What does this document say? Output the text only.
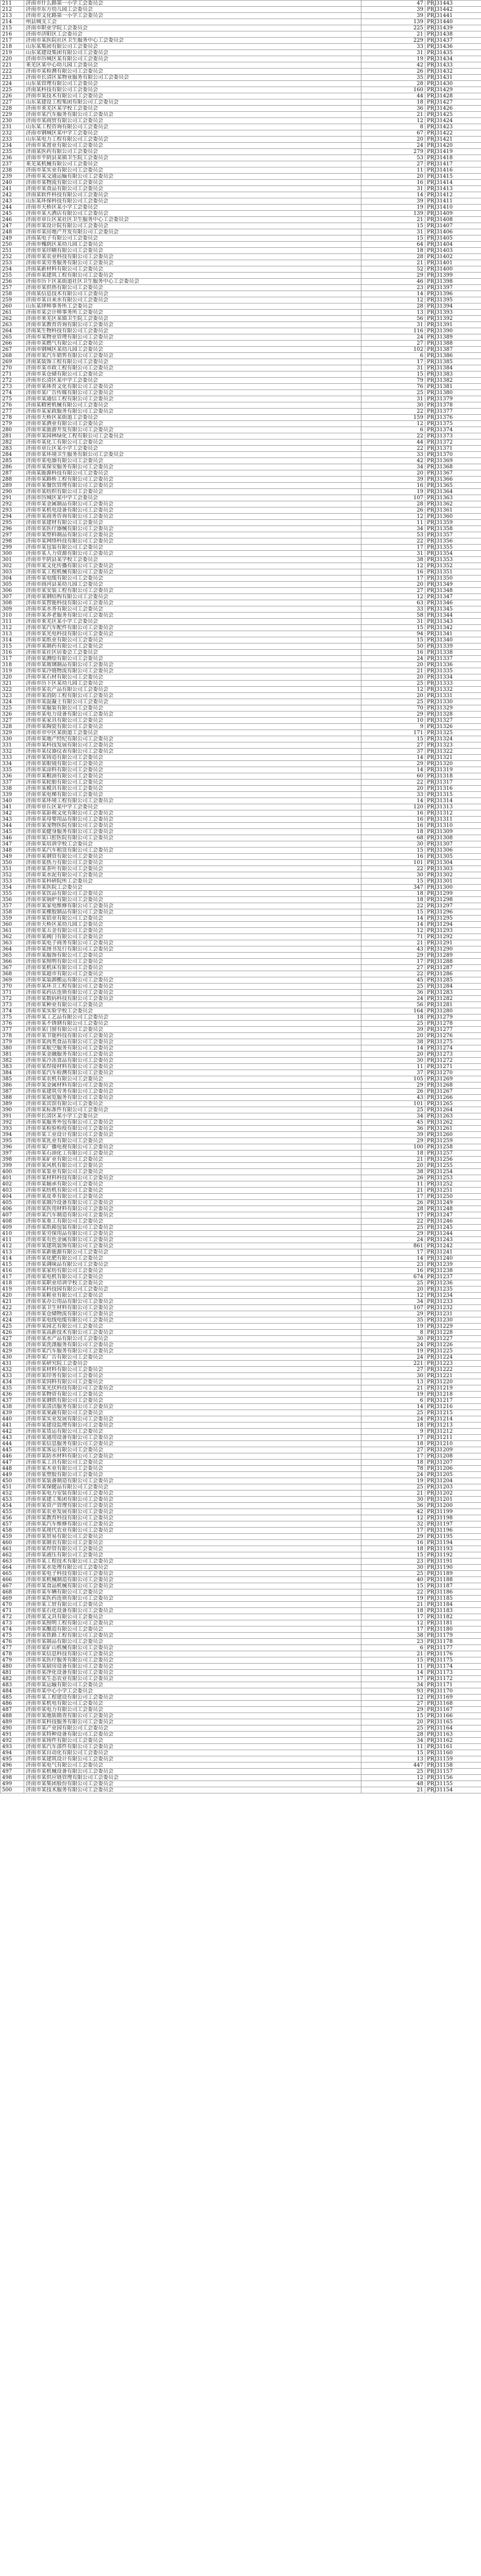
211	济南市什么路第一小学工会委员会	47	PRJ31443
212	济南市东方幼儿园工会委员会	39	PRJ31442
213	济南市文化路第一小学工会委员会	39	PRJ31441
214	州县城支工会	139	PRJ31440
215	济南市职业学院工会委员会	225	PRJ31439
216	济南市济阳区工会委员会	21	PRJ31438
217	济南市某医院社区卫生服务中心工会委员会	229	PRJ31437
218	山东某集团有限公司工会委员会	33	PRJ31436
219	山东某建设集团有限公司工会委员会	31	PRJ31435
220	济南市历城区某有限公司工会委员会	19	PRJ31434
221	莱芜区某中心幼儿园工会委员会	42	PRJ31433
222	济南市某检测有限公司工会委员会	26	PRJ31432
223	济南市长清区某物业服务有限公司工会委员会	35	PRJ31431
224	山东某管理有限公司工会委员会	28	PRJ31430
225	济南某科技有限公司工会委员会	160	PRJ31429
226	济南市某技术有限公司工会委员会	44	PRJ31428
227	山东某建设工程集团有限公司工会委员会	18	PRJ31427
228	济南市莱芜区某学校工会委员会	36	PRJ31426
229	济南市某汽车服务有限公司工会委员会	21	PRJ31425
230	济南市某商贸有限公司工会委员会	12	PRJ31424
231	山东某工程咨询有限公司工会委员会	8	PRJ31423
232	济南市钢城区某中学工会委员会	67	PRJ31422
233	山东某电力工程有限公司工会委员会	20	PRJ31421
234	济南市某置业有限公司工会委员会	24	PRJ31420
235	济南某医药有限公司工会委员会	279	PRJ31419
236	济南市平阴县某镇卫生院工会委员会	53	PRJ31418
237	莱芜某机械有限公司工会委员会	27	PRJ31417
238	济南市某实业有限公司工会委员会	11	PRJ31416
239	济南市某交通运输有限公司工会委员会	20	PRJ31415
240	济南市某物流有限公司工会委员会	16	PRJ31414
241	济南市某食品有限公司工会委员会	31	PRJ31413
242	济南某软件科技有限公司工会委员会	14	PRJ31412
243	山东某环保科技有限公司工会委员会	39	PRJ31411
244	济南市天桥区某小学工会委员会	19	PRJ31410
245	济南市某大酒店有限公司工会委员会	139	PRJ31409
246	济南市章丘区某社区卫生服务中心工会委员会	21	PRJ31408
247	济南市某设计院有限公司工会委员会	15	PRJ31407
248	济南市某房地产开发有限公司工会委员会	31	PRJ31406
249	济南某电子有限公司工会委员会	15	PRJ31405
250	济南市槐荫区某幼儿园工会委员会	64	PRJ31404
251	济南市某印刷有限公司工会委员会	18	PRJ31403
252	济南市某农业科技有限公司工会委员会	28	PRJ31402
253	济南市某劳务服务有限公司工会委员会	21	PRJ31401
254	济南某新材料有限公司工会委员会	52	PRJ31400
255	济南市某建筑工程有限公司工会委员会	29	PRJ31399
256	济南市历下区某街道社区卫生服务中心工会委员会	46	PRJ31398
257	济南市某供热有限公司工会委员会	23	PRJ31397
258	济南某信息技术有限公司工会委员会	14	PRJ31396
259	济南市某自来水有限公司工会委员会	12	PRJ31395
260	山东某律师事务所工会委员会	28	PRJ31394
261	济南市某会计师事务所工会委员会	13	PRJ31393
262	济南市莱芜区某镇卫生院工会委员会	56	PRJ31392
263	济南市某教育咨询有限公司工会委员会	31	PRJ31391
264	济南某生物科技有限公司工会委员会	116	PRJ31390
265	济南市某物业管理有限公司工会委员会	24	PRJ31389
266	济南市某燃气有限公司工会委员会	27	PRJ31388
267	济南市钢城区某幼儿园工会委员会	102	PRJ31387
268	济南市某汽车销售有限公司工会委员会	6	PRJ31386
269	济南某装饰工程有限公司工会委员会	17	PRJ31385
270	济南市某市政工程有限公司工会委员会	31	PRJ31384
271	济南市某仓储有限公司工会委员会	15	PRJ31383
272	济南市长清区某中学工会委员会	79	PRJ31382
273	济南市某体育文化有限公司工会委员会	76	PRJ31381
274	济南市某广告传媒有限公司工会委员会	25	PRJ31380
275	济南市某通信工程有限公司工会委员会	31	PRJ31379
276	济南某精密机械有限公司工会委员会	30	PRJ31378
277	济南市某家政服务有限公司工会委员会	22	PRJ31377
278	济南市天桥区某街道工会委员会	159	PRJ31376
279	济南市某酒业有限公司工会委员会	12	PRJ31375
280	济南市某旅游开发有限公司工会委员会	6	PRJ31374
281	济南市某园林绿化工程有限公司工会委员会	22	PRJ31373
282	济南市某化工有限公司工会委员会	44	PRJ31372
283	济南市章丘区某小学工会委员会	22	PRJ31371
284	济南市某环境卫生服务有限公司工会委员会	33	PRJ31370
285	济南市某电器有限公司工会委员会	42	PRJ31369
286	济南市某保安服务有限公司工会委员会	34	PRJ31368
287	济南某能源科技有限公司工会委员会	20	PRJ31367
288	济南市某路桥工程有限公司工会委员会	39	PRJ31366
289	济南市某餐饮管理有限公司工会委员会	16	PRJ31365
290	济南市某纺织有限公司工会委员会	19	PRJ31364
291	济南市历城区某中学工会委员会	107	PRJ31363
292	济南市某金属制品有限公司工会委员会	28	PRJ31362
293	济南市某机电设备有限公司工会委员会	26	PRJ31361
294	济南市某商务咨询有限公司工会委员会	12	PRJ31360
295	济南市某建材有限公司工会委员会	11	PRJ31359
296	济南市某医疗器械有限公司工会委员会	34	PRJ31358
297	济南市某塑料制品有限公司工会委员会	53	PRJ31357
298	济南市某网络科技有限公司工会委员会	22	PRJ31356
299	济南市某包装有限公司工会委员会	17	PRJ31355
300	济南市某人力资源有限公司工会委员会	31	PRJ31354
301	济南市平阴县某学校工会委员会	38	PRJ31353
302	济南市某文化传播有限公司工会委员会	12	PRJ31352
303	济南市某工程机械有限公司工会委员会	16	PRJ31351
304	济南市某电缆有限公司工会委员会	17	PRJ31350
305	济南市商河县某幼儿园工会委员会	20	PRJ31349
306	济南市某安装工程有限公司工会委员会	27	PRJ31348
307	济南市某钢结构有限公司工会委员会	12	PRJ31347
308	济南市某智能科技有限公司工会委员会	63	PRJ31346
309	济南市某水务有限公司工会委员会	33	PRJ31345
310	济南市某养老服务有限公司工会委员会	58	PRJ31344
311	济南市莱芜区某小学工会委员会	31	PRJ31343
312	济南市某汽车配件有限公司工会委员会	15	PRJ31342
313	济南市某光电科技有限公司工会委员会	94	PRJ31341
314	济南市某纸业有限公司工会委员会	15	PRJ31340
315	济南市某制药有限公司工会委员会	50	PRJ31339
316	济南市某社区居委会工会委员会	16	PRJ31338
317	济南市某测绘有限公司工会委员会	24	PRJ31337
318	济南市某玻璃制品有限公司工会委员会	20	PRJ31336
319	济南市某冷链物流有限公司工会委员会	21	PRJ31335
320	济南市某石材有限公司工会委员会	20	PRJ31334
321	济南市历下区某幼儿园工会委员会	25	PRJ31333
322	济南市某农产品有限公司工会委员会	12	PRJ31332
323	济南市某消防工程有限公司工会委员会	20	PRJ31331
324	济南市某混凝土有限公司工会委员会	25	PRJ31330
325	济南市某服装有限公司工会委员会	70	PRJ31329
326	济南市某电力设备有限公司工会委员会	29	PRJ31328
327	济南市某家具有限公司工会委员会	10	PRJ31327
328	济南市某陶瓷有限公司工会委员会	9	PRJ31326
329	济南市市中区某街道工会委员会	171	PRJ31325
330	济南市某地产经纪有限公司工会委员会	15	PRJ31324
331	济南市某科技发展有限公司工会委员会	27	PRJ31323
332	济南市某仪器仪表有限公司工会委员会	37	PRJ31322
333	济南市某铸造有限公司工会委员会	14	PRJ31321
334	济南市某眼镜有限公司工会委员会	29	PRJ31320
335	济南市某涂料有限公司工会委员会	14	PRJ31319
336	济南市某粮油有限公司工会委员会	60	PRJ31318
337	济南市某轮胎有限公司工会委员会	22	PRJ31317
338	济南市某模具有限公司工会委员会	20	PRJ31316
339	济南市某电梯有限公司工会委员会	33	PRJ31315
340	济南市某环境工程有限公司工会委员会	14	PRJ31314
341	济南市章丘区某中学工会委员会	120	PRJ31313
342	济南市某影视文化有限公司工会委员会	16	PRJ31312
343	济南市某母婴用品有限公司工会委员会	16	PRJ31311
344	济南市某宠物医院有限公司工会委员会	16	PRJ31310
345	济南市某健身服务有限公司工会委员会	18	PRJ31309
346	济南市某口腔医院有限公司工会委员会	68	PRJ31308
347	济南市某培训学校工会委员会	30	PRJ31307
348	济南市某汽车租赁有限公司工会委员会	15	PRJ31306
349	济南市某钢管有限公司工会委员会	16	PRJ31305
350	济南市某热力有限公司工会委员会	101	PRJ31304
351	济南市某茶叶有限公司工会委员会	22	PRJ31303
352	济南市某水泥有限公司工会委员会	30	PRJ31302
353	济南市某科研院所工会委员会	15	PRJ31301
354	济南市某医院工会委员会	347	PRJ31300
355	济南市某饮品有限公司工会委员会	18	PRJ31299
356	济南市某锅炉有限公司工会委员会	18	PRJ31298
357	济南市某家电维修有限公司工会委员会	22	PRJ31297
358	济南市某橡胶制品有限公司工会委员会	15	PRJ31296
359	济南市某铝业有限公司工会委员会	14	PRJ31295
360	济南市天桥区某幼儿园工会委员会	14	PRJ31294
361	济南市某五金有限公司工会委员会	12	PRJ31293
362	济南市某阀门有限公司工会委员会	71	PRJ31292
363	济南市某电子商务有限公司工会委员会	21	PRJ31291
364	济南市某图书发行有限公司工会委员会	43	PRJ31290
365	济南市某服饰有限公司工会委员会	29	PRJ31289
366	济南市某照明有限公司工会委员会	17	PRJ31288
367	济南市某机床有限公司工会委员会	27	PRJ31287
368	济南市某超市有限公司工会委员会	22	PRJ31286
369	济南市某装卸搬运有限公司工会委员会	45	PRJ31285
370	济南市某环卫工程有限公司工会委员会	25	PRJ31284
371	济南市某药店连锁有限公司工会委员会	36	PRJ31283
372	济南市某数码科技有限公司工会委员会	24	PRJ31282
373	济南市某种业有限公司工会委员会	56	PRJ31281
374	济南市某实验学校工会委员会	164	PRJ31280
375	济南市某工艺品有限公司工会委员会	18	PRJ31279
376	济南市某不锈钢有限公司工会委员会	25	PRJ31278
377	济南市某门窗有限公司工会委员会	39	PRJ31277
378	济南市某节能科技有限公司工会委员会	20	PRJ31276
379	济南市某肉类食品有限公司工会委员会	38	PRJ31275
380	济南市某航空服务有限公司工会委员会	14	PRJ31274
381	济南市某金融服务有限公司工会委员会	20	PRJ31273
382	济南市某冷冻食品有限公司工会委员会	30	PRJ31272
383	济南市某焊接材料有限公司工会委员会	11	PRJ31271
384	济南市某汽车检测有限公司工会委员会	37	PRJ31270
385	济南市某农机有限公司工会委员会	105	PRJ31269
386	济南市某金属材料有限公司工会委员会	29	PRJ31268
387	济南市某建筑劳务有限公司工会委员会	26	PRJ31267
388	济南市某展览服务有限公司工会委员会	43	PRJ31266
389	济南市某宾馆有限公司工会委员会	101	PRJ31265
390	济南市某标准件有限公司工会委员会	25	PRJ31264
391	济南市长清区某小学工会委员会	34	PRJ31263
392	济南市某服务外包有限公司工会委员会	45	PRJ31262
393	济南市某检验检疫有限公司工会委员会	36	PRJ31261
394	济南市某工业设计有限公司工会委员会	39	PRJ31260
395	济南市某乳业有限公司工会委员会	29	PRJ31259
396	济南市某广播电视有限公司工会委员会	100	PRJ31258
397	济南市某石油化工有限公司工会委员会	18	PRJ31257
398	济南市某矿业有限公司工会委员会	21	PRJ31256
399	济南市某风机有限公司工会委员会	20	PRJ31255
400	济南市某泵业有限公司工会委员会	38	PRJ31254
401	济南市某材料科技有限公司工会委员会	26	PRJ31253
402	济南市某轴承有限公司工会委员会	11	PRJ31252
403	济南市某纺机有限公司工会委员会	21	PRJ31251
404	济南市某皮革有限公司工会委员会	17	PRJ31250
405	济南市某制冷设备有限公司工会委员会	26	PRJ31249
406	济南市某医用材料有限公司工会委员会	28	PRJ31248
407	济南市某汽车制造有限公司工会委员会	17	PRJ31247
408	济南市某重工有限公司工会委员会	22	PRJ31246
409	济南市某纸箱包装有限公司工会委员会	25	PRJ31245
410	济南市某劳保用品有限公司工会委员会	29	PRJ31244
411	济南市某有色金属有限公司工会委员会	24	PRJ31243
412	济南市某建筑装饰有限公司工会委员会	861	PRJ31242
413	济南市某新能源有限公司工会委员会	17	PRJ31241
414	济南市某化肥有限公司工会委员会	14	PRJ31240
415	济南市某调味品有限公司工会委员会	23	PRJ31239
416	济南市某家纺有限公司工会委员会	16	PRJ31238
417	济南市某电机有限公司工会委员会	674	PRJ31237
418	济南市某职业培训学校工会委员会	25	PRJ31236
419	济南市某科技园有限公司工会委员会	20	PRJ31235
420	济南市某鞋业有限公司工会委员会	12	PRJ31234
421	济南市某办公用品有限公司工会委员会	34	PRJ31233
422	济南市某卫生材料有限公司工会委员会	107	PRJ31232
423	济南市某仓储物流有限公司工会委员会	29	PRJ31231
424	济南市某电线电缆有限公司工会委员会	35	PRJ31230
425	济南市某园艺有限公司工会委员会	19	PRJ31229
426	济南市某高新技术有限公司工会委员会	8	PRJ31228
427	济南市某水产品有限公司工会委员会	30	PRJ31227
428	济南市某洗涤服务有限公司工会委员会	24	PRJ31226
429	济南市某汽车服务有限公司工会委员会	19	PRJ31225
430	济南市某广告有限公司工会委员会	24	PRJ31224
431	济南市某研究院工会委员会	221	PRJ31223
432	济南市某材料有限公司工会委员会	27	PRJ31222
433	济南市某印务有限公司工会委员会	30	PRJ31221
434	济南市某饲料有限公司工会委员会	13	PRJ31220
435	济南市某光伏科技有限公司工会委员会	21	PRJ31219
436	济南市某物资有限公司工会委员会	19	PRJ31218
437	济南市某钢铁有限公司工会委员会	6	PRJ31217
438	济南市某清洁服务有限公司工会委员会	14	PRJ31216
439	济南市某果蔬有限公司工会委员会	25	PRJ31215
440	济南市某实业发展有限公司工会委员会	24	PRJ31214
441	济南市某建设监理有限公司工会委员会	18	PRJ31213
442	济南市某货运有限公司工会委员会	9	PRJ31212
443	济南市某通用设备有限公司工会委员会	17	PRJ31211
444	济南市某信息服务有限公司工会委员会	18	PRJ31210
445	济南市某客运有限公司工会委员会	27	PRJ31209
446	济南市某防水材料有限公司工会委员会	17	PRJ31208
447	济南市某工具有限公司工会委员会	18	PRJ31207
448	济南市某木业有限公司工会委员会	78	PRJ31206
449	济南市某塑胶有限公司工会委员会	24	PRJ31205
450	济南市某装备制造有限公司工会委员会	19	PRJ31204
451	济南市某保健品有限公司工会委员会	25	PRJ31203
452	济南市某电力安装有限公司工会委员会	21	PRJ31202
453	济南市某建工集团有限公司工会委员会	30	PRJ31201
454	济南市某资产管理有限公司工会委员会	36	PRJ31200
455	济南市某农业发展有限公司工会委员会	42	PRJ31199
456	济南市某教育科技有限公司工会委员会	12	PRJ31198
457	济南市某汽车维修有限公司工会委员会	32	PRJ31197
458	济南市某现代农业有限公司工会委员会	17	PRJ31196
459	济南市某贸易有限公司工会委员会	29	PRJ31195
460	济南市某制衣有限公司工会委员会	16	PRJ31194
461	济南市某焊管有限公司工会委员会	18	PRJ31193
462	济南市某液压有限公司工会委员会	15	PRJ31192
463	济南市某工程技术有限公司工会委员会	23	PRJ31191
464	济南市某水处理有限公司工会委员会	30	PRJ31190
465	济南市某电子科技有限公司工会委员会	25	PRJ31189
466	济南市某机械制造有限公司工会委员会	40	PRJ31188
467	济南市某食品机械有限公司工会委员会	15	PRJ31187
468	济南市某车辆有限公司工会委员会	22	PRJ31186
469	济南市某医药连锁有限公司工会委员会	19	PRJ31185
470	济南市某工贸有限公司工会委员会	21	PRJ31184
471	济南市某石化设备有限公司工会委员会	18	PRJ31183
472	济南市某文具有限公司工会委员会	17	PRJ31182
473	济南市某照明工程有限公司工会委员会	12	PRJ31181
474	济南市某酿造有限公司工会委员会	17	PRJ31180
475	济南市某铁路工程有限公司工会委员会	38	PRJ31179
476	济南市某制品有限公司工会委员会	23	PRJ31178
477	济南市某矿山机械有限公司工会委员会	6	PRJ31177
478	济南市某信息科技有限公司工会委员会	21	PRJ31176
479	济南市某医疗服务有限公司工会委员会	15	PRJ31175
480	济南市某厨房设备有限公司工会委员会	11	PRJ31174
481	济南市某净化设备有限公司工会委员会	14	PRJ31173
482	济南市某生态农业有限公司工会委员会	17	PRJ31172
483	济南市某运输有限公司工会委员会	34	PRJ31171
484	济南市某中心小学工会委员会	93	PRJ31170
485	济南市某工程建设有限公司工会委员会	12	PRJ31169
486	济南市某机电有限公司工会委员会	27	PRJ31168
487	济南市某电力有限公司工会委员会	29	PRJ31167
488	济南市某地质勘查有限公司工会委员会	15	PRJ31166
489	济南市某科技服务有限公司工会委员会	20	PRJ31165
490	济南市某产业园有限公司工会委员会	25	PRJ31164
491	济南市某特种设备有限公司工会委员会	28	PRJ31163
492	济南市某铸件有限公司工会委员会	34	PRJ31162
493	济南市某汽车部件有限公司工会委员会	11	PRJ31161
494	济南市某自动化有限公司工会委员会	15	PRJ31160
495	济南市某建筑设计有限公司工会委员会	13	PRJ31159
496	济南市某电气有限公司工会委员会	447	PRJ31158
497	济南市某机械设备有限公司工会委员会	25	PRJ31157
498	济南市某供应链管理有限公司工会委员会	12	PRJ31156
499	济南市某集团股份有限公司工会委员会	48	PRJ31155
500	济南市某技术服务有限公司工会委员会	21	PRJ31154
